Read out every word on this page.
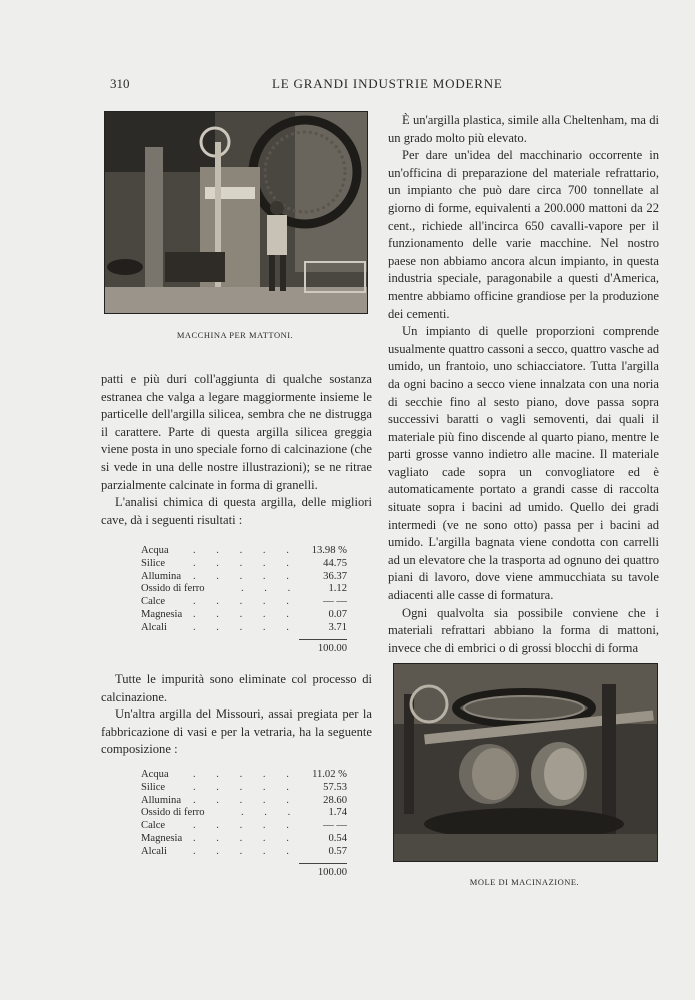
310	LE GRANDI INDUSTRIE MODERNE
MACCHINA PER MATTONI.

patti e più duri coll'aggiunta di qualche sostanza estranea che valga a legare maggiormente insieme le particelle dell'argilla silicea, sembra che ne distrugga il carattere. Parte di questa argilla silicea greggia viene posta in uno speciale forno di calcinazione (che si vede in una delle nostre illustrazioni); se ne ritrae parzialmente calcinate in forma di granelli.

L'analisi chimica di questa argilla, delle migliori cave, dà i seguenti risultati :

Acqua . . . . . 13.98 %
Silice	. . . . . 44.75
Allumina . . . . . 36.37
Ossido di ferro	. . .	1.12
Calce	. . . . . — —
Magnesia . . . . .	0.07
Alcali . . . . .	3.71
100.00

Tutte le impurità sono eliminate col processo di calcinazione.

Un'altra argilla del Missouri, assai pregiata per la fabbricazione di vasi e per la vetraria, ha la seguente composizione :

Acqua . . . . . 11.02 %
Silice	. . . . . 57.53
Allumina . . . . . 28.60
Ossido di ferro	. . .	1.74
Calce	. . . . . — —
Magnesia . . . . .	0.54
Alcali . . . . .	0.57
100.00

È un'argilla plastica, simile alla Cheltenham, ma di un grado molto più elevato.

Per dare un'idea del macchinario occorrente in un'officina di preparazione del materiale refrattario, un impianto che può dare circa 700 tonnellate al giorno di forme, equivalenti a 200.000 mattoni da 22 cent., richiede all'incirca 650 cavalli-vapore per il funzionamento delle varie macchine. Nel nostro paese non abbiamo ancora alcun impianto, in questa industria speciale, paragonabile a questi d'America, mentre abbiamo officine grandiose per la produzione dei cementi.

Un impianto di quelle proporzioni comprende usualmente quattro cassoni a secco, quattro vasche ad umido, un frantoio, uno schiacciatore. Tutta l'argilla da ogni bacino a secco viene innalzata con una noria di secchie fino al sesto piano, dove passa sopra successivi baratti o vagli semoventi, dai quali il materiale più fino discende al quarto piano, mentre le parti grosse vanno indietro alle macine. Il materiale vagliato cade sopra un convogliatore ed è automaticamente portato a grandi casse di raccolta situate sopra i bacini ad umido. Quello dei gradi intermedi (ve ne sono otto) passa per i bacini ad umido. L'argilla bagnata viene condotta con carrelli ad un elevatore che la trasporta ad ognuno dei quattro piani di lavoro, dove viene ammucchiata su tavole adiacenti alle casse di formatura.

Ogni qualvolta sia possibile conviene che i materiali refrattari abbiano la forma di mattoni, invece che di embrici o di grossi blocchi di forma

MOLE DI MACINAZIONE.
